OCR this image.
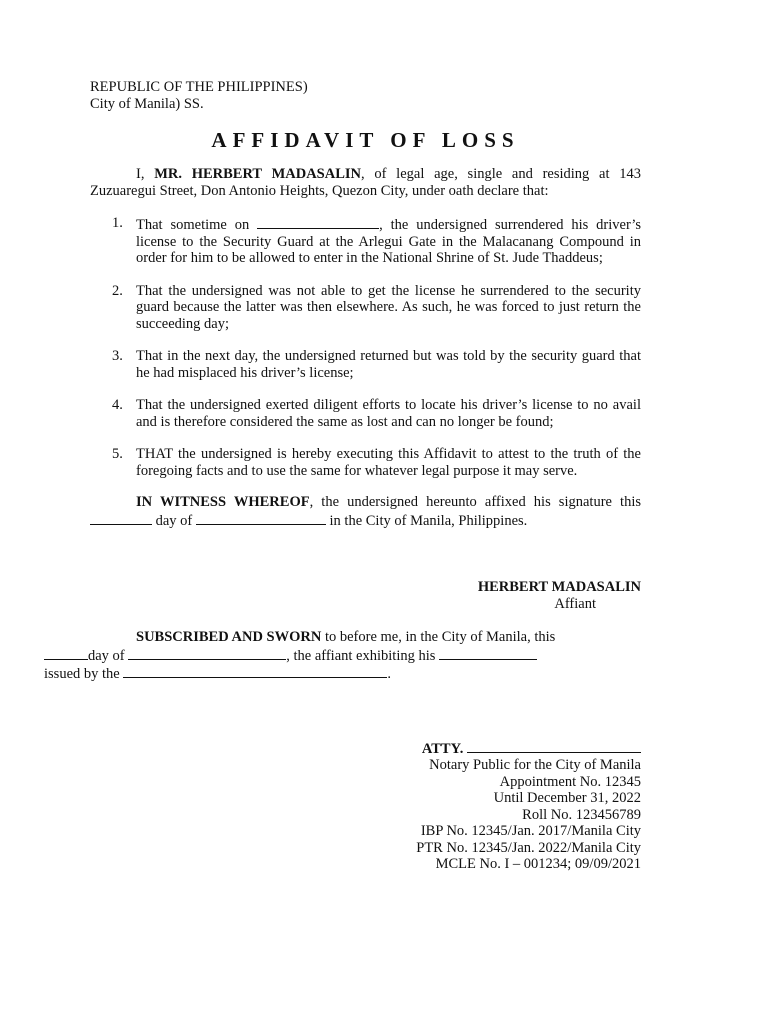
REPUBLIC OF THE PHILIPPINES)
City of Manila) SS.
AFFIDAVIT OF LOSS

I, MR. HERBERT MADASALIN, of legal age, single and residing at 143 Zuzuaregui Street, Don Antonio Heights, Quezon City, under oath declare that:

1. That sometime on	, the undersigned surrendered his driver’s license to the Security Guard at the Arlegui Gate in the Malacanang Compound in order for him to be allowed to enter in the National Shrine of St. Jude Thaddeus;
2. That the undersigned was not able to get the license he surrendered to the security guard because the latter was then elsewhere. As such, he was forced to just return the succeeding day;
3. That in the next day, the undersigned returned but was told by the security guard that he had misplaced his driver’s license;
4. That the undersigned exerted diligent efforts to locate his driver’s license to no avail and is therefore considered the same as lost and can no longer be found;
5. THAT the undersigned is hereby executing this Affidavit to attest to the truth of the foregoing facts and to use the same for whatever legal purpose it may serve.

IN WITNESS WHEREOF, the undersigned hereunto affixed his signature this  day of	in the City of Manila, Philippines.

HERBERT MADASALIN
Affiant

SUBSCRIBED AND SWORN to before me, in the City of Manila, this
day of	, the affiant exhibiting his
issued by the	.

ATTY.
Notary Public for the City of Manila
Appointment No. 12345
Until December 31, 2022
Roll No. 123456789
IBP No. 12345/Jan. 2017/Manila City
PTR No. 12345/Jan. 2022/Manila City
MCLE No. I – 001234; 09/09/2021
